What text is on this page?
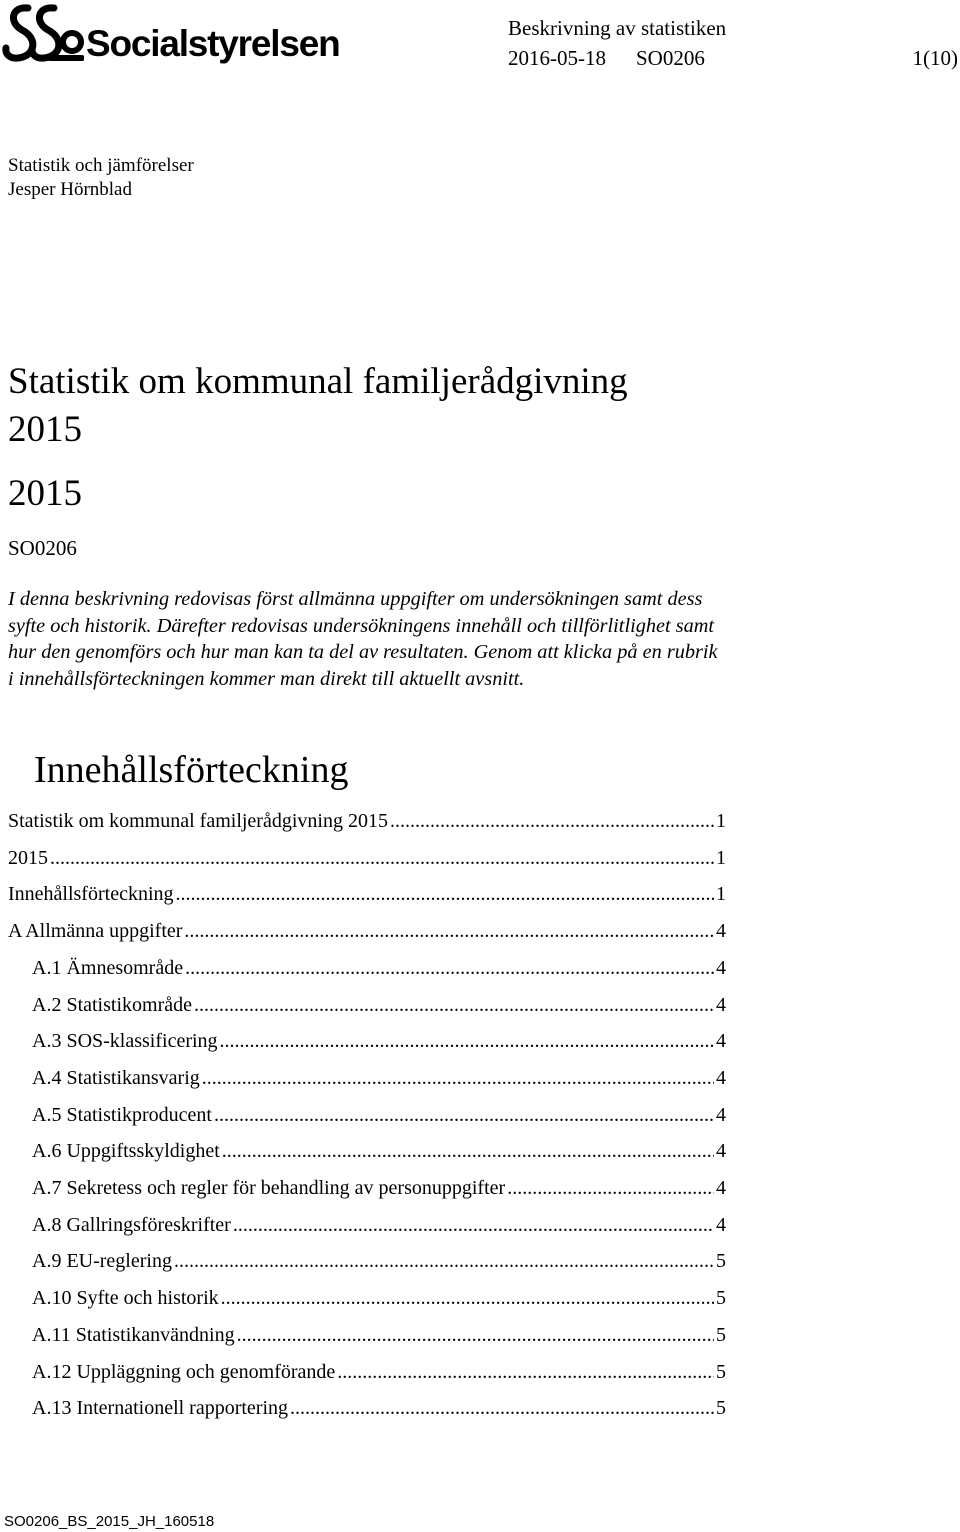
Socialstyrelsen	Beskrivning av statistiken
2016-05-18 SO0206	1(10)
Statistik och jämförelser
Jesper Hörnblad
Statistik om kommunal familjerådgivning
2015
2015
SO0206

I denna beskrivning redovisas först allmänna uppgifter om undersökningen samt dess syfte och historik. Därefter redovisas undersökningens innehåll och tillförlitlighet samt hur den genomförs och hur man kan ta del av resultaten. Genom att klicka på en rubrik i innehållsförteckningen kommer man direkt till aktuellt avsnitt.

Innehållsförteckning
Statistik om kommunal familjerådgivning 2015 .....	1
2015 .....	1
Innehållsförteckning .....	1
A Allmänna uppgifter .....	4
A.1 Ämnesområde .....	4
A.2 Statistikområde .....	4
A.3 SOS-klassificering .....	4
A.4 Statistikansvarig .....	4
A.5 Statistikproducent .....	4
A.6 Uppgiftsskyldighet .....	4
A.7 Sekretess och regler för behandling av personuppgifter .....	4
A.8 Gallringsföreskrifter .....	4
A.9 EU-reglering .....	5
A.10 Syfte och historik .....	5
A.11 Statistikanvändning .....	5
A.12 Uppläggning och genomförande .....	5
A.13 Internationell rapportering .....	5
SO0206_BS_2015_JH_160518
